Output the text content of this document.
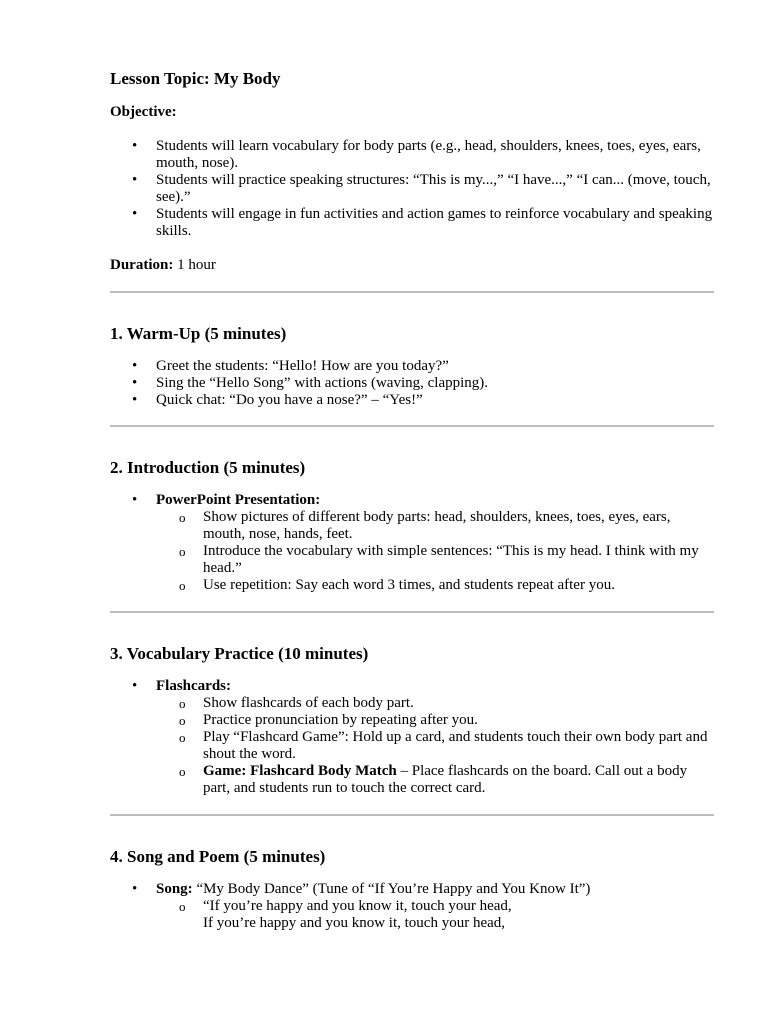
Lesson Topic: My Body

Objective:

• Students will learn vocabulary for body parts (e.g., head, shoulders, knees, toes, eyes, ears, mouth, nose).
• Students will practice speaking structures: “This is my...,” “I have...,” “I can... (move, touch, see).”
• Students will engage in fun activities and action games to reinforce vocabulary and speaking skills.

Duration: 1 hour

1. Warm-Up (5 minutes)
• Greet the students: “Hello! How are you today?”
• Sing the “Hello Song” with actions (waving, clapping).
• Quick chat: “Do you have a nose?” – “Yes!”
2. Introduction (5 minutes)
• PowerPoint Presentation:
o Show pictures of different body parts: head, shoulders, knees, toes, eyes, ears, mouth, nose, hands, feet.
o Introduce the vocabulary with simple sentences: “This is my head. I think with my head.”
o Use repetition: Say each word 3 times, and students repeat after you.
3. Vocabulary Practice (10 minutes)
• Flashcards:
o Show flashcards of each body part.
o Practice pronunciation by repeating after you.
o Play “Flashcard Game”: Hold up a card, and students touch their own body part and shout the word.
o Game: Flashcard Body Match – Place flashcards on the board. Call out a body part, and students run to touch the correct card.
4. Song and Poem (5 minutes)
• Song: “My Body Dance” (Tune of “If You’re Happy and You Know It”)
o “If you’re happy and you know it, touch your head,
If you’re happy and you know it, touch your head,
